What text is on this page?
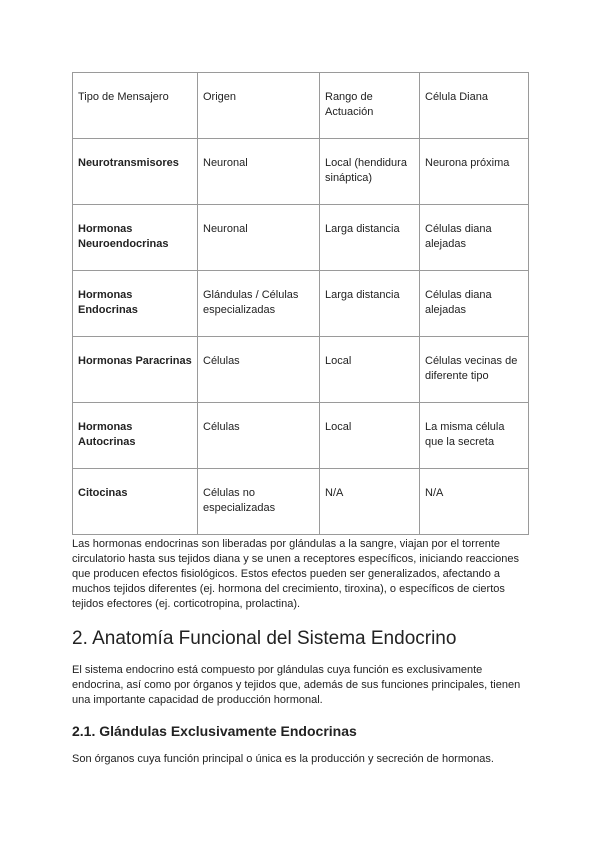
Tipo de Mensajero	Origen	Rango de Actuación	Célula Diana
Neurotransmisores	Neuronal	Local (hendidura sináptica)	Neurona próxima
Hormonas Neuroendocrinas	Neuronal	Larga distancia	Células diana alejadas
Hormonas Endocrinas	Glándulas / Células especializadas	Larga distancia	Células diana alejadas
Hormonas Paracrinas	Células	Local	Células vecinas de diferente tipo
Hormonas Autocrinas	Células	Local	La misma célula que la secreta
Citocinas	Células no especializadas	N/A	N/A

Las hormonas endocrinas son liberadas por glándulas a la sangre, viajan por el torrente circulatorio hasta sus tejidos diana y se unen a receptores específicos, iniciando reacciones que producen efectos fisiológicos. Estos efectos pueden ser generalizados, afectando a muchos tejidos diferentes (ej. hormona del crecimiento, tiroxina), o específicos de ciertos tejidos efectores (ej. corticotropina, prolactina).

2. Anatomía Funcional del Sistema Endocrino

El sistema endocrino está compuesto por glándulas cuya función es exclusivamente endocrina, así como por órganos y tejidos que, además de sus funciones principales, tienen una importante capacidad de producción hormonal.

2.1. Glándulas Exclusivamente Endocrinas

Son órganos cuya función principal o única es la producción y secreción de hormonas.
